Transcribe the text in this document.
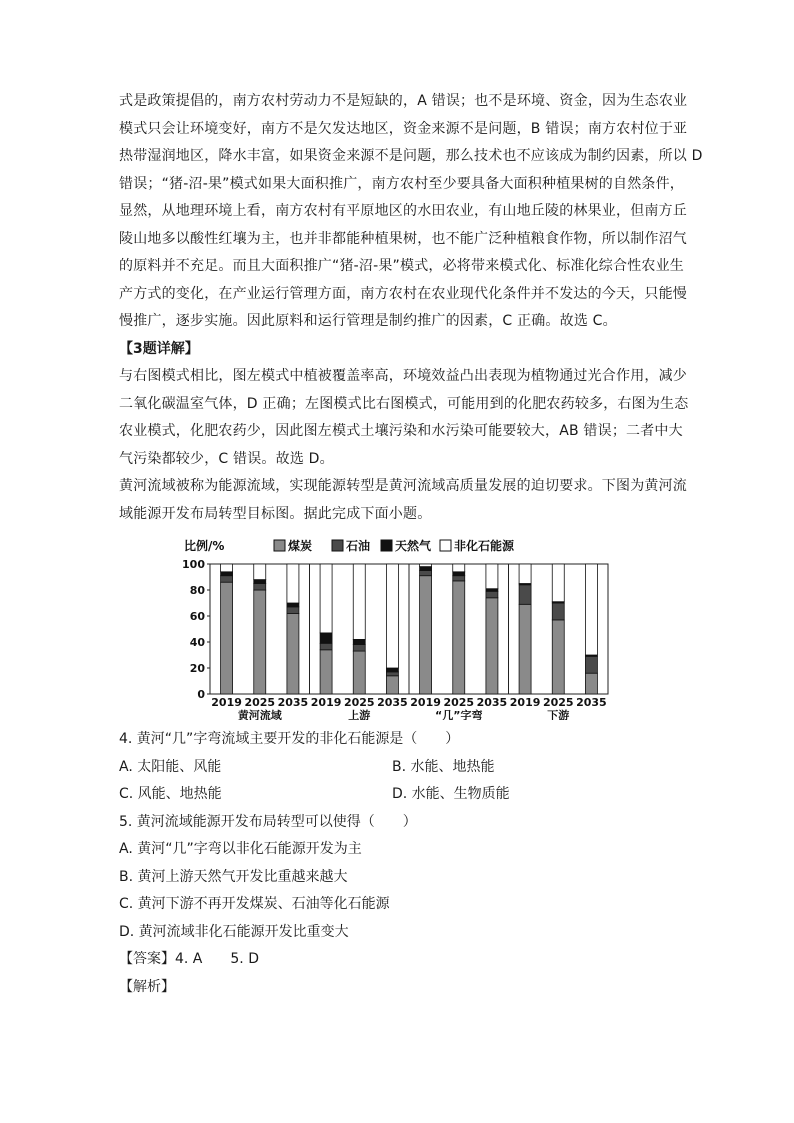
式是政策提倡的，南方农村劳动力不是短缺的，A 错误；也不是环境、资金，因为生态农业
模式只会让环境变好，南方不是欠发达地区，资金来源不是问题，B 错误；南方农村位于亚
热带湿润地区，降水丰富，如果资金来源不是问题，那么技术也不应该成为制约因素，所以 D
错误；“猪-沼-果”模式如果大面积推广，南方农村至少要具备大面积种植果树的自然条件，
显然，从地理环境上看，南方农村有平原地区的水田农业，有山地丘陵的林果业，但南方丘
陵山地多以酸性红壤为主，也并非都能种植果树，也不能广泛种植粮食作物，所以制作沼气
的原料并不充足。而且大面积推广“猪-沼-果”模式，必将带来模式化、标准化综合性农业生
产方式的变化，在产业运行管理方面，南方农村在农业现代化条件并不发达的今天，只能慢
慢推广，逐步实施。因此原料和运行管理是制约推广的因素，C 正确。故选 C。

【3题详解】

与右图模式相比，图左模式中植被覆盖率高，环境效益凸出表现为植物通过光合作用，减少
二氧化碳温室气体，D 正确；左图模式比右图模式，可能用到的化肥农药较多，右图为生态
农业模式，化肥农药少，因此图左模式土壤污染和水污染可能要较大，AB 错误；二者中大
气污染都较少，C 错误。故选 D。

黄河流域被称为能源流域，实现能源转型是黄河流域高质量发展的迫切要求。下图为黄河流
域能源开发布局转型目标图。据此完成下面小题。

比例/%
0
20
40
60
80
100
煤炭	石油 天然气 非化石能源
2019 2025 2035
黄河流域
2019 2025 2035
上游
2019 2025 2035
“几”字弯
2019 2025 2035
下游

4. 黄河“几”字弯流域主要开发的非化石能源是（　　）

A. 太阳能、风能	B. 水能、地热能
C. 风能、地热能	D. 水能、生物质能

5. 黄河流域能源开发布局转型可以使得（　　）

A. 黄河“几”字弯以非化石能源开发为主

B. 黄河上游天然气开发比重越来越大

C. 黄河下游不再开发煤炭、石油等化石能源

D. 黄河流域非化石能源开发比重变大

【答案】4. A　　5. D

【解析】
